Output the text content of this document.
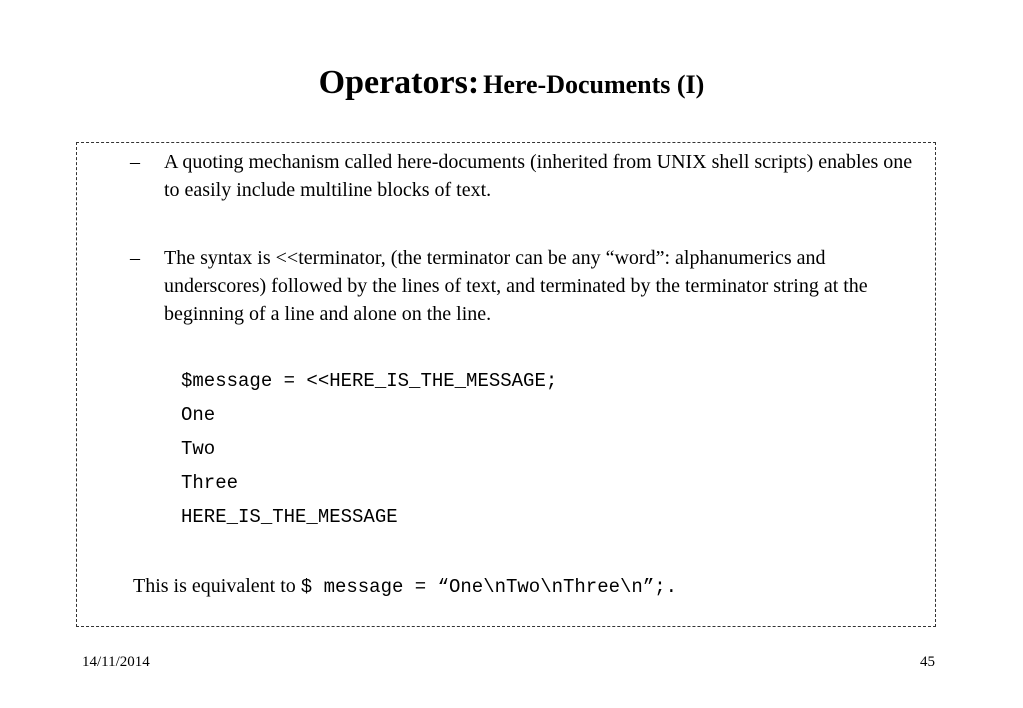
Operators: Here-Documents (I)
– A quoting mechanism called here-documents (inherited from UNIX shell scripts) enables one to easily include multiline blocks of text.
– The syntax is <<terminator, (the terminator can be any “word”: alphanumerics and underscores) followed by the lines of text, and terminated by the terminator string at the beginning of a line and alone on the line.
$message = <<HERE_IS_THE_MESSAGE;
One
Two
Three
HERE_IS_THE_MESSAGE
This is equivalent to $ message = “One\nTwo\nThree\n”;.
14/11/2014	45
